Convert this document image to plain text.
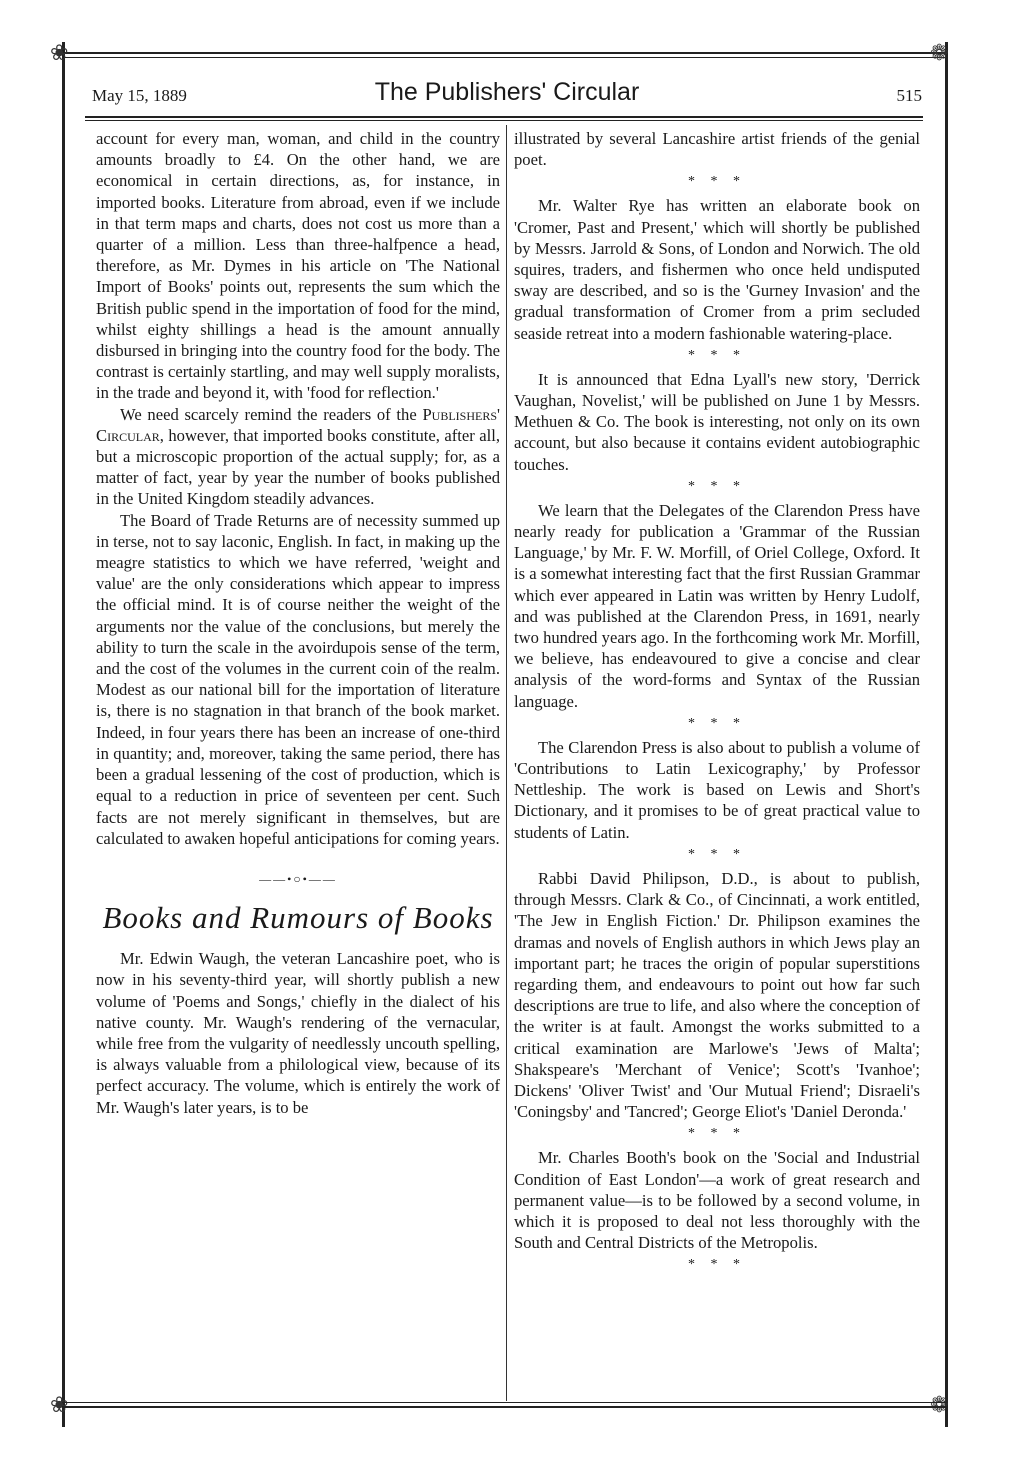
❀	❁
❀	❁
May 15, 1889	The Publishers' Circular	515

account for every man, woman, and child in the country amounts broadly to £4. On the other hand, we are economical in certain directions, as, for instance, in imported books. Literature from abroad, even if we include in that term maps and charts, does not cost us more than a quarter of a million. Less than three-halfpence a head, therefore, as Mr. Dymes in his article on 'The National Import of Books' points out, represents the sum which the British public spend in the importation of food for the mind, whilst eighty shillings a head is the amount annually disbursed in bringing into the country food for the body. The contrast is certainly startling, and may well supply moralists, in the trade and beyond it, with 'food for reflection.'

We need scarcely remind the readers of the Publishers' Circular, however, that imported books constitute, after all, but a microscopic proportion of the actual supply; for, as a matter of fact, year by year the number of books published in the United Kingdom steadily advances.

The Board of Trade Returns are of necessity summed up in terse, not to say laconic, English. In fact, in making up the meagre statistics to which we have referred, 'weight and value' are the only considerations which appear to impress the official mind. It is of course neither the weight of the arguments nor the value of the conclusions, but merely the ability to turn the scale in the avoirdupois sense of the term, and the cost of the volumes in the current coin of the realm. Modest as our national bill for the importation of literature is, there is no stagnation in that branch of the book market. Indeed, in four years there has been an increase of one-third in quantity; and, moreover, taking the same period, there has been a gradual lessening of the cost of production, which is equal to a reduction in price of seventeen per cent. Such facts are not merely significant in themselves, but are calculated to awaken hopeful anticipations for coming years.

——•○•——
Books and Rumours of Books

Mr. Edwin Waugh, the veteran Lancashire poet, who is now in his seventy-third year, will shortly publish a new volume of 'Poems and Songs,' chiefly in the dialect of his native county. Mr. Waugh's rendering of the vernacular, while free from the vulgarity of needlessly uncouth spelling, is always valuable from a philological view, because of its perfect accuracy. The volume, which is entirely the work of Mr. Waugh's later years, is to be

illustrated by several Lancashire artist friends of the genial poet.

* * *

Mr. Walter Rye has written an elaborate book on 'Cromer, Past and Present,' which will shortly be published by Messrs. Jarrold & Sons, of London and Norwich. The old squires, traders, and fishermen who once held undisputed sway are described, and so is the 'Gurney Invasion' and the gradual transformation of Cromer from a prim secluded seaside retreat into a modern fashionable watering-place.

* * *

It is announced that Edna Lyall's new story, 'Derrick Vaughan, Novelist,' will be published on June 1 by Messrs. Methuen & Co. The book is interesting, not only on its own account, but also because it contains evident autobiographic touches.

* * *

We learn that the Delegates of the Clarendon Press have nearly ready for publication a 'Grammar of the Russian Language,' by Mr. F. W. Morfill, of Oriel College, Oxford. It is a somewhat interesting fact that the first Russian Grammar which ever appeared in Latin was written by Henry Ludolf, and was published at the Clarendon Press, in 1691, nearly two hundred years ago. In the forthcoming work Mr. Morfill, we believe, has endeavoured to give a concise and clear analysis of the word-forms and Syntax of the Russian language.

* * *

The Clarendon Press is also about to publish a volume of 'Contributions to Latin Lexicography,' by Professor Nettleship. The work is based on Lewis and Short's Dictionary, and it promises to be of great practical value to students of Latin.

* * *

Rabbi David Philipson, D.D., is about to publish, through Messrs. Clark & Co., of Cincinnati, a work entitled, 'The Jew in English Fiction.' Dr. Philipson examines the dramas and novels of English authors in which Jews play an important part; he traces the origin of popular superstitions regarding them, and endeavours to point out how far such descriptions are true to life, and also where the conception of the writer is at fault. Amongst the works submitted to a critical examination are Marlowe's 'Jews of Malta'; Shakspeare's 'Merchant of Venice'; Scott's 'Ivanhoe'; Dickens' 'Oliver Twist' and 'Our Mutual Friend'; Disraeli's 'Coningsby' and 'Tancred'; George Eliot's 'Daniel Deronda.'

* * *

Mr. Charles Booth's book on the 'Social and Industrial Condition of East London'—a work of great research and permanent value—is to be followed by a second volume, in which it is proposed to deal not less thoroughly with the South and Central Districts of the Metropolis.

* * *
